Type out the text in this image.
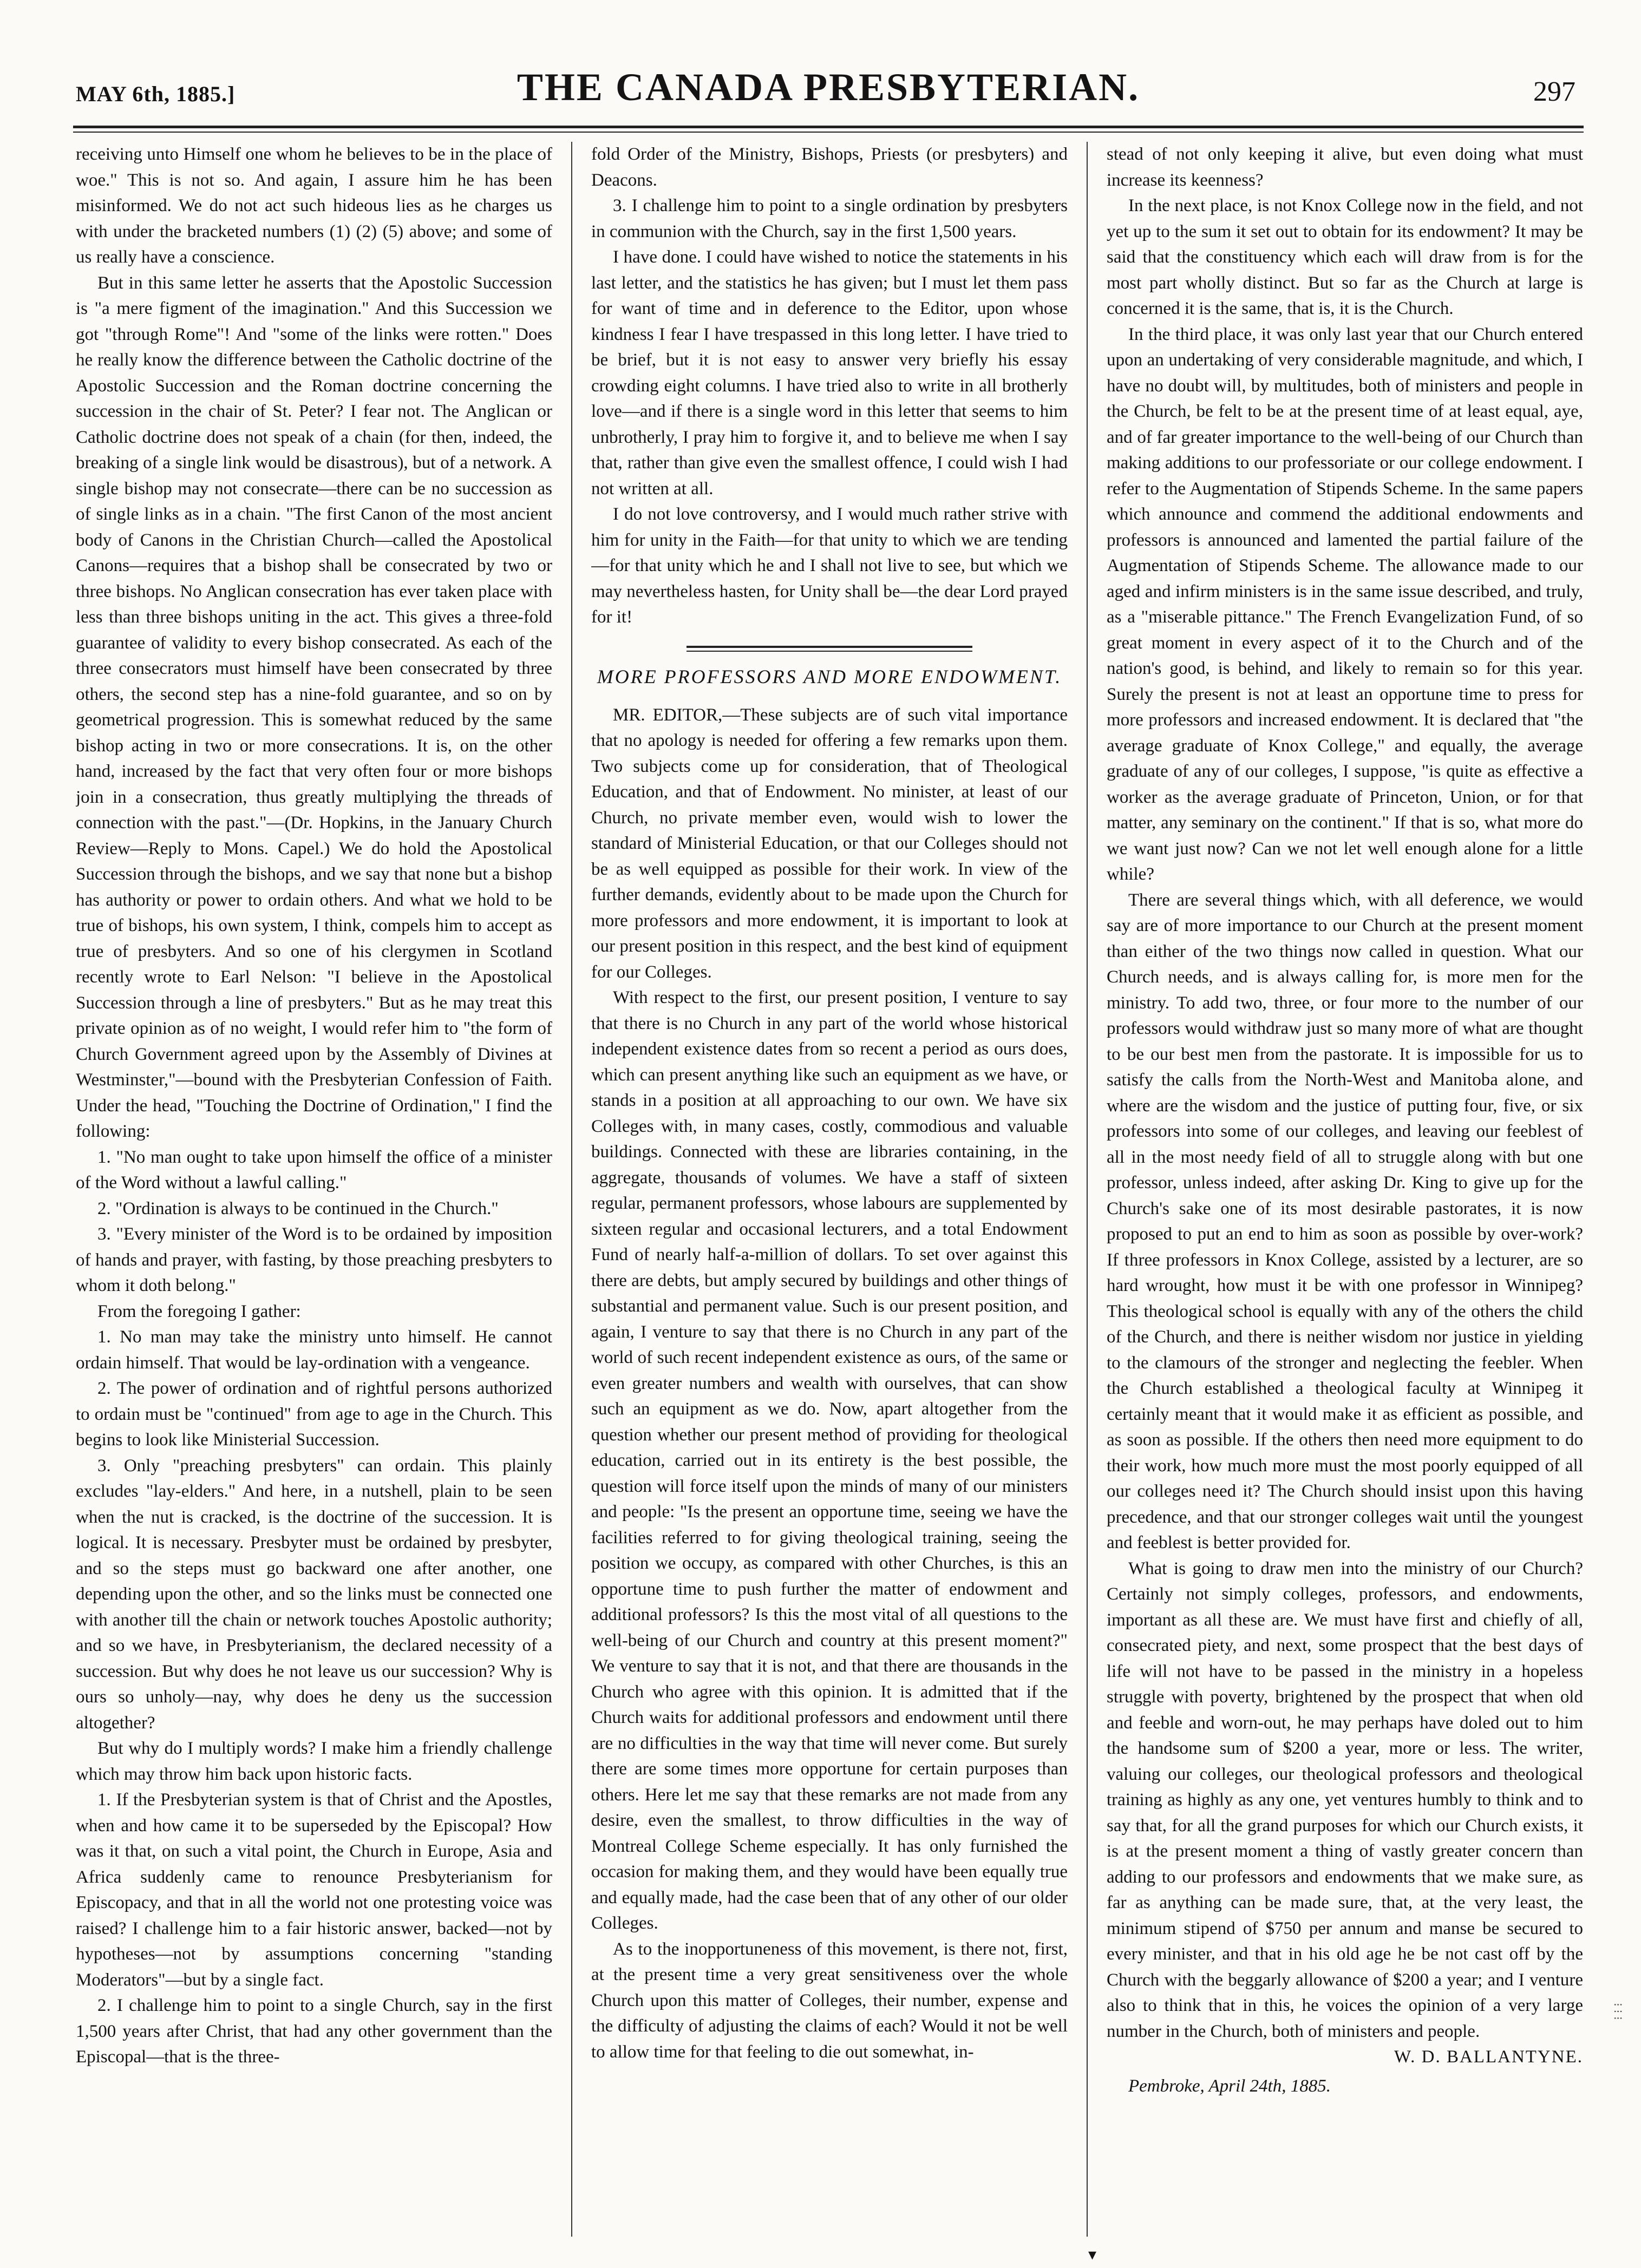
MAY 6th, 1885.]	THE CANADA PRESBYTERIAN.	297

receiving unto Himself one whom he believes to be in the place of woe." This is not so. And again, I assure him he has been misinformed. We do not act such hideous lies as he charges us with under the bracketed numbers (1) (2) (5) above; and some of us really have a conscience.

But in this same letter he asserts that the Apostolic Succession is "a mere figment of the imagination." And this Succession we got "through Rome"! And "some of the links were rotten." Does he really know the difference between the Catholic doctrine of the Apostolic Succession and the Roman doctrine concerning the succession in the chair of St. Peter? I fear not. The Anglican or Catholic doctrine does not speak of a chain (for then, indeed, the breaking of a single link would be disastrous), but of a network. A single bishop may not consecrate—there can be no succession as of single links as in a chain. "The first Canon of the most ancient body of Canons in the Christian Church—called the Apostolical Canons—requires that a bishop shall be consecrated by two or three bishops. No Anglican consecration has ever taken place with less than three bishops uniting in the act. This gives a three-fold guarantee of validity to every bishop consecrated. As each of the three consecrators must himself have been consecrated by three others, the second step has a nine-fold guarantee, and so on by geometrical progression. This is somewhat reduced by the same bishop acting in two or more consecrations. It is, on the other hand, increased by the fact that very often four or more bishops join in a consecration, thus greatly multiplying the threads of connection with the past."—(Dr. Hopkins, in the January Church Review—Reply to Mons. Capel.) We do hold the Apostolical Succession through the bishops, and we say that none but a bishop has authority or power to ordain others. And what we hold to be true of bishops, his own system, I think, compels him to accept as true of presbyters. And so one of his clergymen in Scotland recently wrote to Earl Nelson: "I believe in the Apostolical Succession through a line of presbyters." But as he may treat this private opinion as of no weight, I would refer him to "the form of Church Government agreed upon by the Assembly of Divines at Westminster,"—bound with the Presbyterian Confession of Faith. Under the head, "Touching the Doctrine of Ordination," I find the following:

1. "No man ought to take upon himself the office of a minister of the Word without a lawful calling."

2. "Ordination is always to be continued in the Church."

3. "Every minister of the Word is to be ordained by imposition of hands and prayer, with fasting, by those preaching presbyters to whom it doth belong."

From the foregoing I gather:

1. No man may take the ministry unto himself. He cannot ordain himself. That would be lay-ordination with a vengeance.

2. The power of ordination and of rightful persons authorized to ordain must be "continued" from age to age in the Church. This begins to look like Ministerial Succession.

3. Only "preaching presbyters" can ordain. This plainly excludes "lay-elders." And here, in a nutshell, plain to be seen when the nut is cracked, is the doctrine of the succession. It is logical. It is necessary. Presbyter must be ordained by presbyter, and so the steps must go backward one after another, one depending upon the other, and so the links must be connected one with another till the chain or network touches Apostolic authority; and so we have, in Presbyterianism, the declared necessity of a succession. But why does he not leave us our succession? Why is ours so unholy—nay, why does he deny us the succession altogether?

But why do I multiply words? I make him a friendly challenge which may throw him back upon historic facts.

1. If the Presbyterian system is that of Christ and the Apostles, when and how came it to be superseded by the Episcopal? How was it that, on such a vital point, the Church in Europe, Asia and Africa suddenly came to renounce Presbyterianism for Episcopacy, and that in all the world not one protesting voice was raised? I challenge him to a fair historic answer, backed—not by hypotheses—not by assumptions concerning "standing Moderators"—but by a single fact.

2. I challenge him to point to a single Church, say in the first 1,500 years after Christ, that had any other government than the Episcopal—that is the three-

fold Order of the Ministry, Bishops, Priests (or presbyters) and Deacons.

3. I challenge him to point to a single ordination by presbyters in communion with the Church, say in the first 1,500 years.

I have done. I could have wished to notice the statements in his last letter, and the statistics he has given; but I must let them pass for want of time and in deference to the Editor, upon whose kindness I fear I have trespassed in this long letter. I have tried to be brief, but it is not easy to answer very briefly his essay crowding eight columns. I have tried also to write in all brotherly love—and if there is a single word in this letter that seems to him unbrotherly, I pray him to forgive it, and to believe me when I say that, rather than give even the smallest offence, I could wish I had not written at all.

I do not love controversy, and I would much rather strive with him for unity in the Faith—for that unity to which we are tending—for that unity which he and I shall not live to see, but which we may nevertheless hasten, for Unity shall be—the dear Lord prayed for it!

MORE PROFESSORS AND MORE ENDOWMENT.

MR. EDITOR,—These subjects are of such vital importance that no apology is needed for offering a few remarks upon them. Two subjects come up for consideration, that of Theological Education, and that of Endowment. No minister, at least of our Church, no private member even, would wish to lower the standard of Ministerial Education, or that our Colleges should not be as well equipped as possible for their work. In view of the further demands, evidently about to be made upon the Church for more professors and more endowment, it is important to look at our present position in this respect, and the best kind of equipment for our Colleges.

With respect to the first, our present position, I venture to say that there is no Church in any part of the world whose historical independent existence dates from so recent a period as ours does, which can present anything like such an equipment as we have, or stands in a position at all approaching to our own. We have six Colleges with, in many cases, costly, commodious and valuable buildings. Connected with these are libraries containing, in the aggregate, thousands of volumes. We have a staff of sixteen regular, permanent professors, whose labours are supplemented by sixteen regular and occasional lecturers, and a total Endowment Fund of nearly half-a-million of dollars. To set over against this there are debts, but amply secured by buildings and other things of substantial and permanent value. Such is our present position, and again, I venture to say that there is no Church in any part of the world of such recent independent existence as ours, of the same or even greater numbers and wealth with ourselves, that can show such an equipment as we do. Now, apart altogether from the question whether our present method of providing for theological education, carried out in its entirety is the best possible, the question will force itself upon the minds of many of our ministers and people: "Is the present an opportune time, seeing we have the facilities referred to for giving theological training, seeing the position we occupy, as compared with other Churches, is this an opportune time to push further the matter of endowment and additional professors? Is this the most vital of all questions to the well-being of our Church and country at this present moment?" We venture to say that it is not, and that there are thousands in the Church who agree with this opinion. It is admitted that if the Church waits for additional professors and endowment until there are no difficulties in the way that time will never come. But surely there are some times more opportune for certain purposes than others. Here let me say that these remarks are not made from any desire, even the smallest, to throw difficulties in the way of Montreal College Scheme especially. It has only furnished the occasion for making them, and they would have been equally true and equally made, had the case been that of any other of our older Colleges.

As to the inopportuneness of this movement, is there not, first, at the present time a very great sensitiveness over the whole Church upon this matter of Colleges, their number, expense and the difficulty of adjusting the claims of each? Would it not be well to allow time for that feeling to die out somewhat, in-

stead of not only keeping it alive, but even doing what must increase its keenness?

In the next place, is not Knox College now in the field, and not yet up to the sum it set out to obtain for its endowment? It may be said that the constituency which each will draw from is for the most part wholly distinct. But so far as the Church at large is concerned it is the same, that is, it is the Church.

In the third place, it was only last year that our Church entered upon an undertaking of very considerable magnitude, and which, I have no doubt will, by multitudes, both of ministers and people in the Church, be felt to be at the present time of at least equal, aye, and of far greater importance to the well-being of our Church than making additions to our professoriate or our college endowment. I refer to the Augmentation of Stipends Scheme. In the same papers which announce and commend the additional endowments and professors is announced and lamented the partial failure of the Augmentation of Stipends Scheme. The allowance made to our aged and infirm ministers is in the same issue described, and truly, as a "miserable pittance." The French Evangelization Fund, of so great moment in every aspect of it to the Church and of the nation's good, is behind, and likely to remain so for this year. Surely the present is not at least an opportune time to press for more professors and increased endowment. It is declared that "the average graduate of Knox College," and equally, the average graduate of any of our colleges, I suppose, "is quite as effective a worker as the average graduate of Princeton, Union, or for that matter, any seminary on the continent." If that is so, what more do we want just now? Can we not let well enough alone for a little while?

There are several things which, with all deference, we would say are of more importance to our Church at the present moment than either of the two things now called in question. What our Church needs, and is always calling for, is more men for the ministry. To add two, three, or four more to the number of our professors would withdraw just so many more of what are thought to be our best men from the pastorate. It is impossible for us to satisfy the calls from the North-West and Manitoba alone, and where are the wisdom and the justice of putting four, five, or six professors into some of our colleges, and leaving our feeblest of all in the most needy field of all to struggle along with but one professor, unless indeed, after asking Dr. King to give up for the Church's sake one of its most desirable pastorates, it is now proposed to put an end to him as soon as possible by over-work? If three professors in Knox College, assisted by a lecturer, are so hard wrought, how must it be with one professor in Winnipeg? This theological school is equally with any of the others the child of the Church, and there is neither wisdom nor justice in yielding to the clamours of the stronger and neglecting the feebler. When the Church established a theological faculty at Winnipeg it certainly meant that it would make it as efficient as possible, and as soon as possible. If the others then need more equipment to do their work, how much more must the most poorly equipped of all our colleges need it? The Church should insist upon this having precedence, and that our stronger colleges wait until the youngest and feeblest is better provided for.

What is going to draw men into the ministry of our Church? Certainly not simply colleges, professors, and endowments, important as all these are. We must have first and chiefly of all, consecrated piety, and next, some prospect that the best days of life will not have to be passed in the ministry in a hopeless struggle with poverty, brightened by the prospect that when old and feeble and worn-out, he may perhaps have doled out to him the handsome sum of $200 a year, more or less. The writer, valuing our colleges, our theological professors and theological training as highly as any one, yet ventures humbly to think and to say that, for all the grand purposes for which our Church exists, it is at the present moment a thing of vastly greater concern than adding to our professors and endowments that we make sure, as far as anything can be made sure, that, at the very least, the minimum stipend of $750 per annum and manse be secured to every minister, and that in his old age he be not cast off by the Church with the beggarly allowance of $200 a year; and I venture also to think that in this, he voices the opinion of a very large number in the Church, both of ministers and people.

W. D. BALLANTYNE.

Pembroke, April 24th, 1885.

⁝ ⁝ ⁝
▾
